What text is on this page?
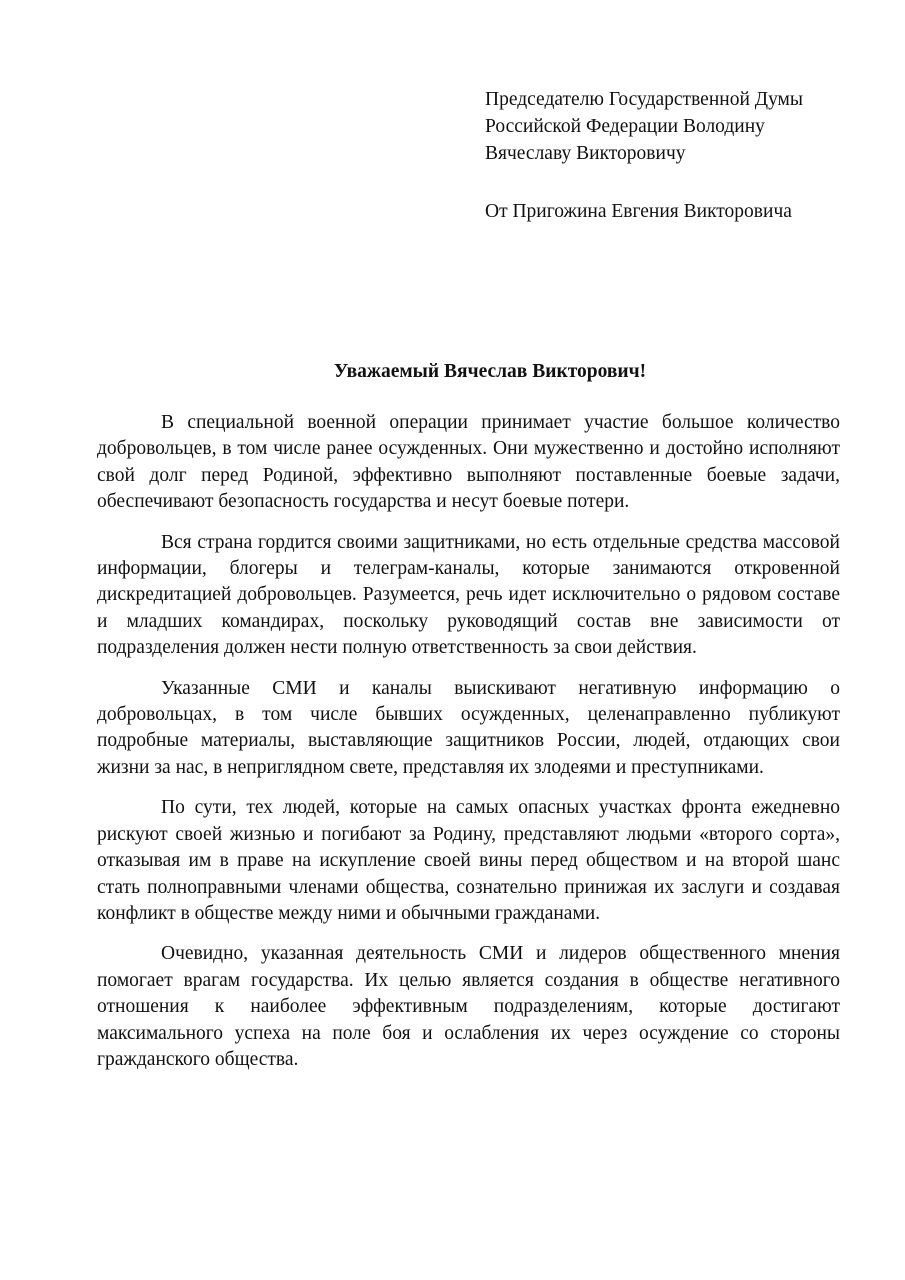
Председателю Государственной Думы
Российской Федерации Володину
Вячеславу Викторовичу
От Пригожина Евгения Викторовича
Уважаемый Вячеслав Викторович!

В специальной военной операции принимает участие большое количество добровольцев, в том числе ранее осужденных. Они мужественно и достойно исполняют свой долг перед Родиной, эффективно выполняют поставленные боевые задачи, обеспечивают безопасность государства и несут боевые потери.

Вся страна гордится своими защитниками, но есть отдельные средства массовой информации, блогеры и телеграм-каналы, которые занимаются откровенной дискредитацией добровольцев. Разумеется, речь идет исключительно о рядовом составе и младших командирах, поскольку руководящий состав вне зависимости от подразделения должен нести полную ответственность за свои действия.

Указанные СМИ и каналы выискивают негативную информацию о добровольцах, в том числе бывших осужденных, целенаправленно публикуют подробные материалы, выставляющие защитников России, людей, отдающих свои жизни за нас, в неприглядном свете, представляя их злодеями и преступниками.

По сути, тех людей, которые на самых опасных участках фронта ежедневно рискуют своей жизнью и погибают за Родину, представляют людьми «второго сорта», отказывая им в праве на искупление своей вины перед обществом и на второй шанс стать полноправными членами общества, сознательно принижая их заслуги и создавая конфликт в обществе между ними и обычными гражданами.

Очевидно, указанная деятельность СМИ и лидеров общественного мнения помогает врагам государства. Их целью является создания в обществе негативного отношения к наиболее эффективным подразделениям, которые достигают максимального успеха на поле боя и ослабления их через осуждение со стороны гражданского общества.
